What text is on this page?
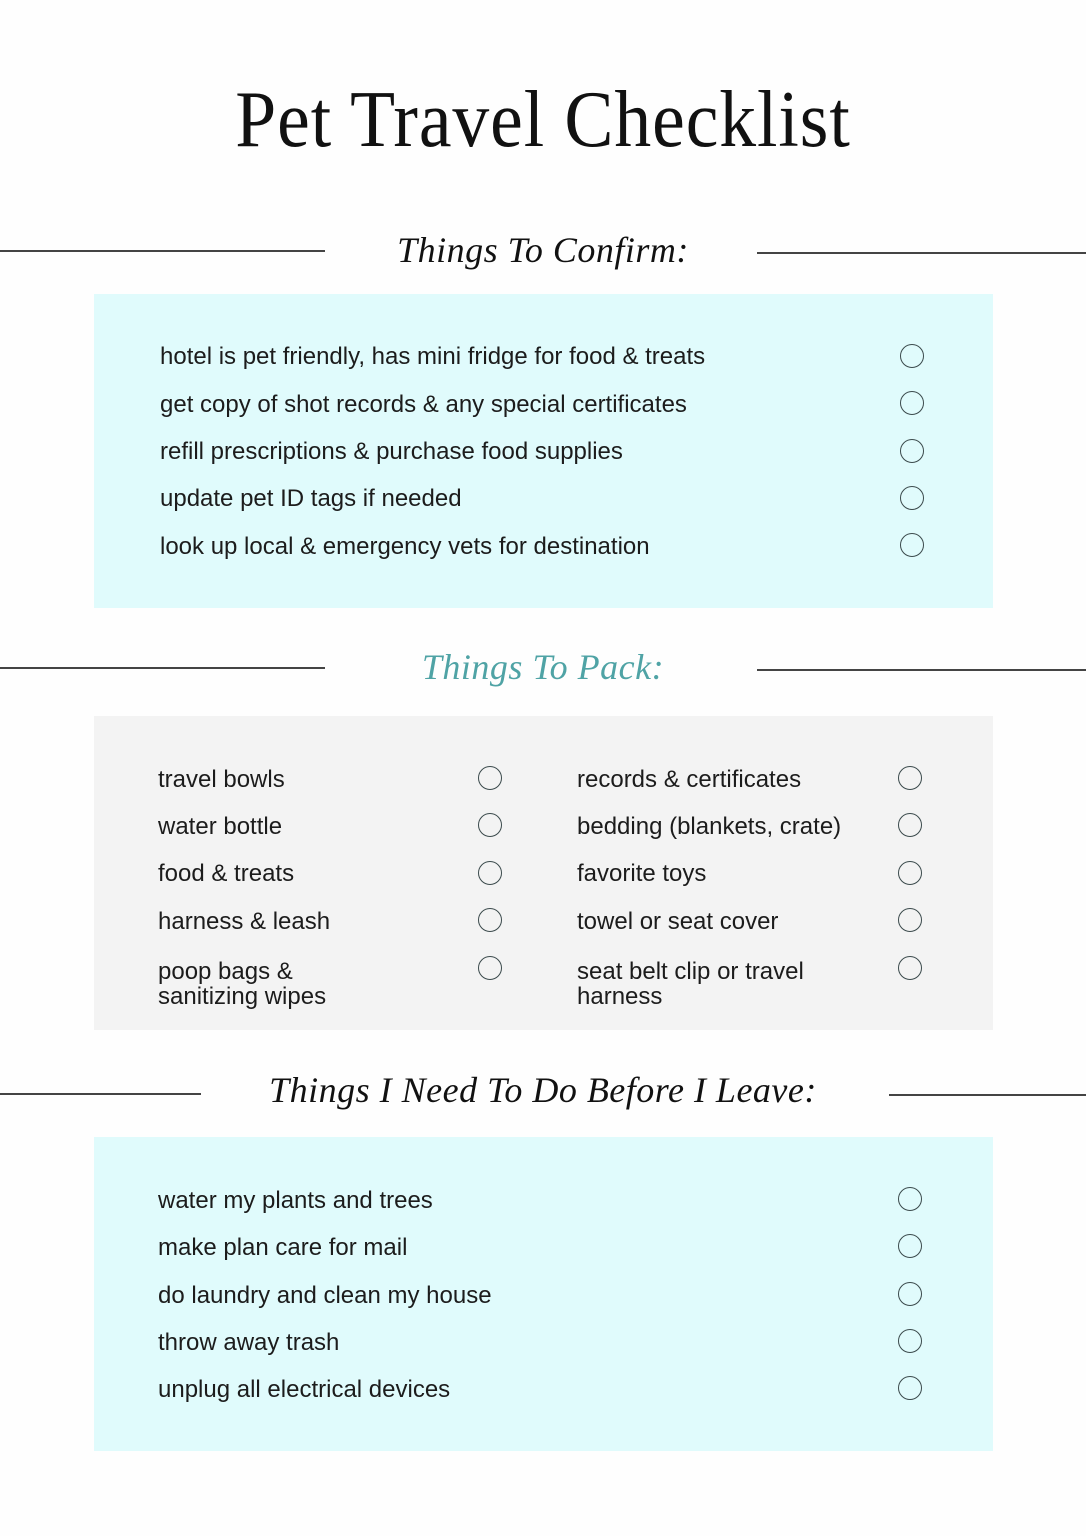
Pet Travel Checklist
Things To Confirm:
hotel is pet friendly, has mini fridge for food & treats
get copy of shot records & any special certificates
refill prescriptions & purchase food supplies
update pet ID tags if needed
look up local & emergency vets for destination
Things To Pack:
travel bowls
water bottle
food & treats
harness & leash
poop bags & sanitizing wipes
records & certificates
bedding (blankets, crate)
favorite toys
towel or seat cover
seat belt clip or travel harness
Things I Need To Do Before I Leave:
water my plants and trees
make plan care for mail
do laundry and clean my house
throw away trash
unplug all electrical devices
